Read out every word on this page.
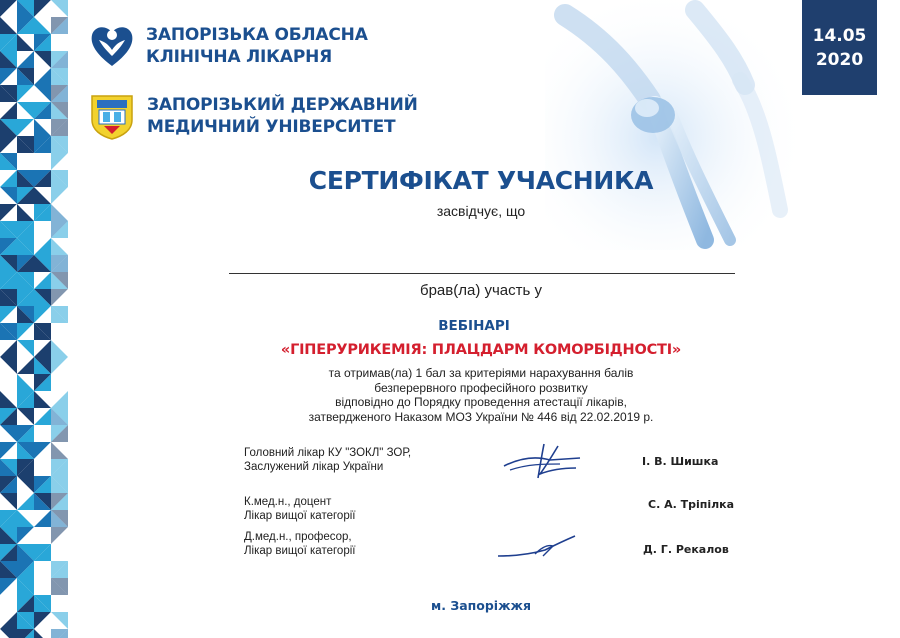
ЗАПОРІЗЬКА ОБЛАСНА
КЛІНІЧНА ЛІКАРНЯ
ЗАПОРІЗЬКИЙ ДЕРЖАВНИЙ
МЕДИЧНИЙ УНІВЕРСИТЕТ
14.05
2020
СЕРТИФІКАТ УЧАСНИКА
засвідчує, що
брав(ла) участь у
ВЕБІНАРІ
«ГІПЕРУРИКЕМІЯ: ПЛАЦДАРМ КОМОРБІДНОСТІ»
та отримав(ла) 1 бал за критеріями нарахування балів
безперервного професійного розвитку
відповідно до Порядку проведення атестації лікарів,
затвердженого Наказом МОЗ України № 446 від 22.02.2019 р.
Головний лікар КУ "ЗОКЛ" ЗОР,
Заслужений лікар України	І. В. Шишка
К.мед.н., доцент
Лікар вищої категорії
С. А. Тріпілка
Д.мед.н., професор,
Лікар вищої категорії	Д. Г. Рекалов
м. Запоріжжя
